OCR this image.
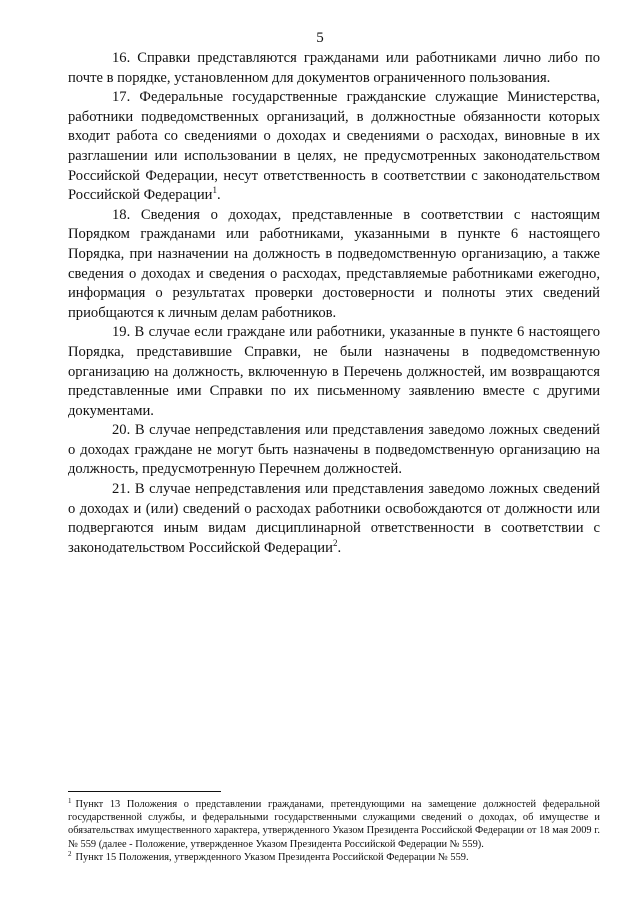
5

16. Справки представляются гражданами или работниками лично либо по почте в порядке, установленном для документов ограниченного пользования.

17. Федеральные государственные гражданские служащие Министерства, работники подведомственных организаций, в должностные обязанности которых входит работа со сведениями о доходах и сведениями о расходах, виновные в их разглашении или использовании в целях, не предусмотренных законодательством Российской Федерации, несут ответственность в соответствии с законодательством Российской Федерации$^1$.

18. Сведения о доходах, представленные в соответствии с настоящим Порядком гражданами или работниками, указанными в пункте 6 настоящего Порядка, при назначении на должность в подведомственную организацию, а также сведения о доходах и сведения о расходах, представляемые работниками ежегодно, информация о результатах проверки достоверности и полноты этих сведений приобщаются к личным делам работников.

19. В случае если граждане или работники, указанные в пункте 6 настоящего Порядка, представившие Справки, не были назначены в подведомственную организацию на должность, включенную в Перечень должностей, им возвращаются представленные ими Справки по их письменному заявлению вместе с другими документами.

20. В случае непредставления или представления заведомо ложных сведений о доходах граждане не могут быть назначены в подведомственную организацию на должность, предусмотренную Перечнем должностей.

21. В случае непредставления или представления заведомо ложных сведений о доходах и (или) сведений о расходах работники освобождаются от должности или подвергаются иным видам дисциплинарной ответственности в соответствии с законодательством Российской Федерации$^2$.

$^1$ Пункт 13 Положения о представлении гражданами, претендующими на замещение должностей федеральной государственной службы, и федеральными государственными служащими сведений о доходах, об имуществе и обязательствах имущественного характера, утвержденного Указом Президента Российской Федерации от 18 мая 2009 г. № 559 (далее - Положение, утвержденное Указом Президента Российской Федерации № 559).

$^2$ Пункт 15 Положения, утвержденного Указом Президента Российской Федерации № 559.
